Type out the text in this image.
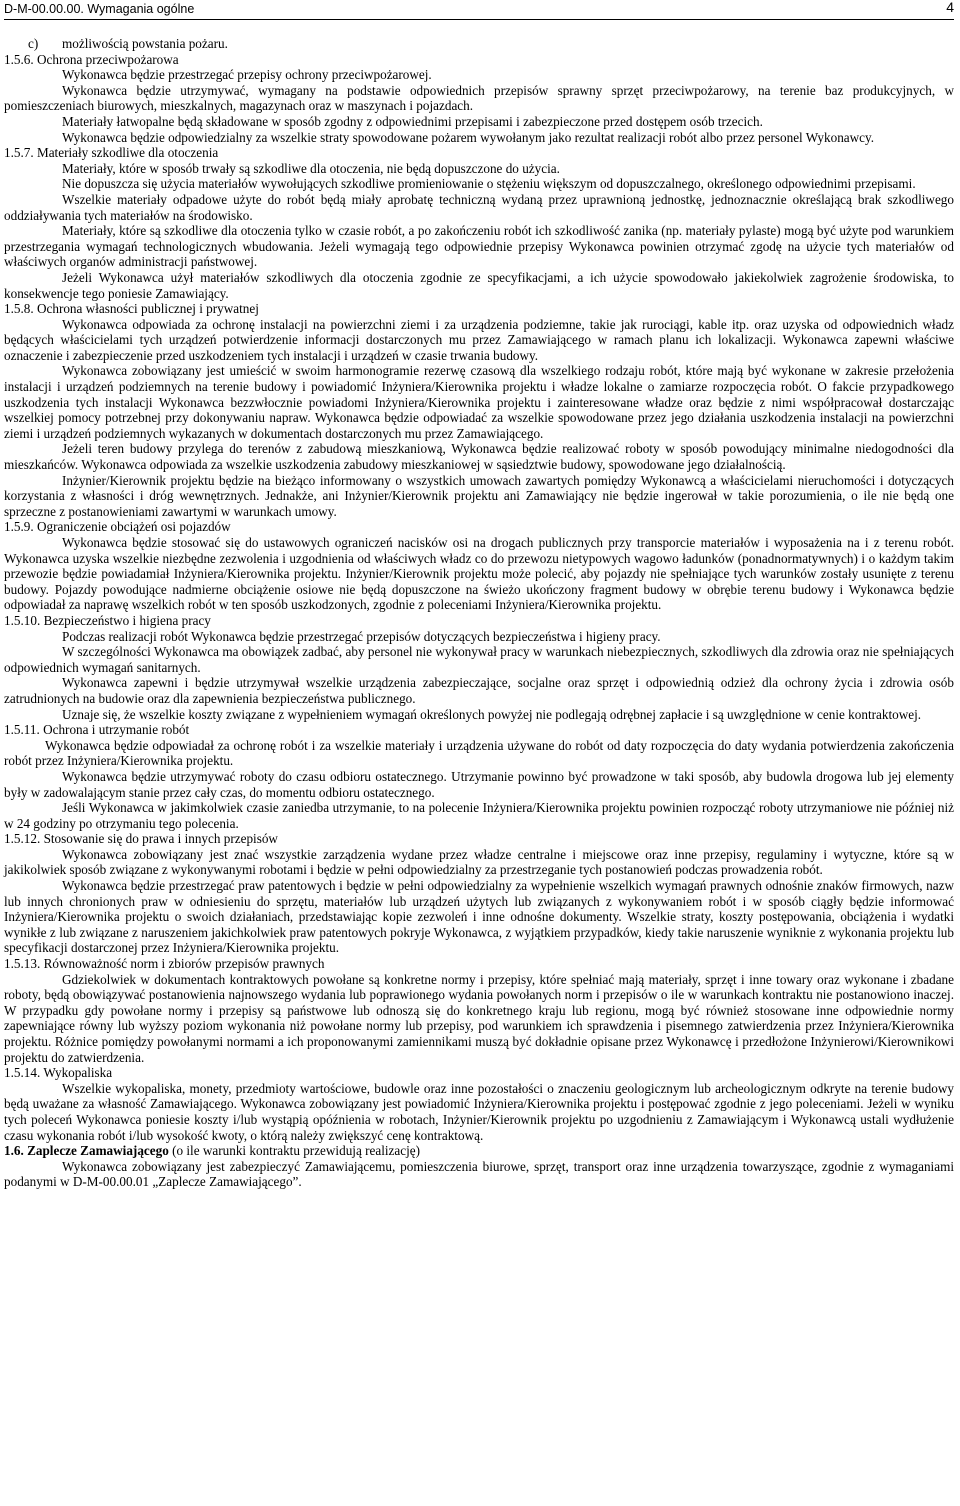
D-M-00.00.00. Wymagania ogólne	4

c) możliwością powstania pożaru.

1.5.6. Ochrona przeciwpożarowa

Wykonawca będzie przestrzegać przepisy ochrony przeciwpożarowej.

Wykonawca będzie utrzymywać, wymagany na podstawie odpowiednich przepisów sprawny sprzęt przeciwpożarowy, na terenie baz produkcyjnych, w pomieszczeniach biurowych, mieszkalnych, magazynach oraz w maszynach i pojazdach.

Materiały łatwopalne będą składowane w sposób zgodny z odpowiednimi przepisami i zabezpieczone przed dostępem osób trzecich.

Wykonawca będzie odpowiedzialny za wszelkie straty spowodowane pożarem wywołanym jako rezultat realizacji robót albo przez personel Wykonawcy.

1.5.7. Materiały szkodliwe dla otoczenia

Materiały, które w sposób trwały są szkodliwe dla otoczenia, nie będą dopuszczone do użycia.

Nie dopuszcza się użycia materiałów wywołujących szkodliwe promieniowanie o stężeniu większym od dopuszczalnego, określonego odpowiednimi przepisami.

Wszelkie materiały odpadowe użyte do robót będą miały aprobatę techniczną wydaną przez uprawnioną jednostkę, jednoznacznie określającą brak szkodliwego oddziaływania tych materiałów na środowisko.

Materiały, które są szkodliwe dla otoczenia tylko w czasie robót, a po zakończeniu robót ich szkodliwość zanika (np. materiały pylaste) mogą być użyte pod warunkiem przestrzegania wymagań technologicznych wbudowania. Jeżeli wymagają tego odpowiednie przepisy Wykonawca powinien otrzymać zgodę na użycie tych materiałów od właściwych organów administracji państwowej.

Jeżeli Wykonawca użył materiałów szkodliwych dla otoczenia zgodnie ze specyfikacjami, a ich użycie spowodowało jakiekolwiek zagrożenie środowiska, to konsekwencje tego poniesie Zamawiający.

1.5.8. Ochrona własności publicznej i prywatnej

Wykonawca odpowiada za ochronę instalacji na powierzchni ziemi i za urządzenia podziemne, takie jak rurociągi, kable itp. oraz uzyska od odpowiednich władz będących właścicielami tych urządzeń potwierdzenie informacji dostarczonych mu przez Zamawiającego w ramach planu ich lokalizacji. Wykonawca zapewni właściwe oznaczenie i zabezpieczenie przed uszkodzeniem tych instalacji i urządzeń w czasie trwania budowy.

Wykonawca zobowiązany jest umieścić w swoim harmonogramie rezerwę czasową dla wszelkiego rodzaju robót, które mają być wykonane w zakresie przełożenia instalacji i urządzeń podziemnych na terenie budowy i powiadomić Inżyniera/Kierownika projektu i władze lokalne o zamiarze rozpoczęcia robót. O fakcie przypadkowego uszkodzenia tych instalacji Wykonawca bezzwłocznie powiadomi Inżyniera/Kierownika projektu i zainteresowane władze oraz będzie z nimi współpracował dostarczając wszelkiej pomocy potrzebnej przy dokonywaniu napraw. Wykonawca będzie odpowiadać za wszelkie spowodowane przez jego działania uszkodzenia instalacji na powierzchni ziemi i urządzeń podziemnych wykazanych w dokumentach dostarczonych mu przez Zamawiającego.

Jeżeli teren budowy przylega do terenów z zabudową mieszkaniową, Wykonawca będzie realizować roboty w sposób powodujący minimalne niedogodności dla mieszkańców. Wykonawca odpowiada za wszelkie uszkodzenia zabudowy mieszkaniowej w sąsiedztwie budowy, spowodowane jego działalnością.

Inżynier/Kierownik projektu będzie na bieżąco informowany o wszystkich umowach zawartych pomiędzy Wykonawcą a właścicielami nieruchomości i dotyczących korzystania z własności i dróg wewnętrznych. Jednakże, ani Inżynier/Kierownik projektu ani Zamawiający nie będzie ingerował w takie porozumienia, o ile nie będą one sprzeczne z postanowieniami zawartymi w warunkach umowy.

1.5.9. Ograniczenie obciążeń osi pojazdów

Wykonawca będzie stosować się do ustawowych ograniczeń nacisków osi na drogach publicznych przy transporcie materiałów i wyposażenia na i z terenu robót. Wykonawca uzyska wszelkie niezbędne zezwolenia i uzgodnienia od właściwych władz co do przewozu nietypowych wagowo ładunków (ponadnormatywnych) i o każdym takim przewozie będzie powiadamiał Inżyniera/Kierownika projektu. Inżynier/Kierownik projektu może polecić, aby pojazdy nie spełniające tych warunków zostały usunięte z terenu budowy. Pojazdy powodujące nadmierne obciążenie osiowe nie będą dopuszczone na świeżo ukończony fragment budowy w obrębie terenu budowy i Wykonawca będzie odpowiadał za naprawę wszelkich robót w ten sposób uszkodzonych, zgodnie z poleceniami Inżyniera/Kierownika projektu.

1.5.10. Bezpieczeństwo i higiena pracy

Podczas realizacji robót Wykonawca będzie przestrzegać przepisów dotyczących bezpieczeństwa i higieny pracy.

W szczególności Wykonawca ma obowiązek zadbać, aby personel nie wykonywał pracy w warunkach niebezpiecznych, szkodliwych dla zdrowia oraz nie spełniających odpowiednich wymagań sanitarnych.

Wykonawca zapewni i będzie utrzymywał wszelkie urządzenia zabezpieczające, socjalne oraz sprzęt i odpowiednią odzież dla ochrony życia i zdrowia osób zatrudnionych na budowie oraz dla zapewnienia bezpieczeństwa publicznego.

Uznaje się, że wszelkie koszty związane z wypełnieniem wymagań określonych powyżej nie podlegają odrębnej zapłacie i są uwzględnione w cenie kontraktowej.

1.5.11. Ochrona i utrzymanie robót

Wykonawca będzie odpowiadał za ochronę robót i za wszelkie materiały i urządzenia używane do robót od daty rozpoczęcia do daty wydania potwierdzenia zakończenia robót przez Inżyniera/Kierownika projektu.

Wykonawca będzie utrzymywać roboty do czasu odbioru ostatecznego. Utrzymanie powinno być prowadzone w taki sposób, aby budowla drogowa lub jej elementy były w zadowalającym stanie przez cały czas, do momentu odbioru ostatecznego.

Jeśli Wykonawca w jakimkolwiek czasie zaniedba utrzymanie, to na polecenie Inżyniera/Kierownika projektu powinien rozpocząć roboty utrzymaniowe nie później niż w 24 godziny po otrzymaniu tego polecenia.

1.5.12. Stosowanie się do prawa i innych przepisów

Wykonawca zobowiązany jest znać wszystkie zarządzenia wydane przez władze centralne i miejscowe oraz inne przepisy, regulaminy i wytyczne, które są w jakikolwiek sposób związane z wykonywanymi robotami i będzie w pełni odpowiedzialny za przestrzeganie tych postanowień podczas prowadzenia robót.

Wykonawca będzie przestrzegać praw patentowych i będzie w pełni odpowiedzialny za wypełnienie wszelkich wymagań prawnych odnośnie znaków firmowych, nazw lub innych chronionych praw w odniesieniu do sprzętu, materiałów lub urządzeń użytych lub związanych z wykonywaniem robót i w sposób ciągły będzie informować Inżyniera/Kierownika projektu o swoich działaniach, przedstawiając kopie zezwoleń i inne odnośne dokumenty. Wszelkie straty, koszty postępowania, obciążenia i wydatki wynikłe z lub związane z naruszeniem jakichkolwiek praw patentowych pokryje Wykonawca, z wyjątkiem przypadków, kiedy takie naruszenie wyniknie z wykonania projektu lub specyfikacji dostarczonej przez Inżyniera/Kierownika projektu.

1.5.13. Równoważność norm i zbiorów przepisów prawnych

Gdziekolwiek w dokumentach kontraktowych powołane są konkretne normy i przepisy, które spełniać mają materiały, sprzęt i inne towary oraz wykonane i zbadane roboty, będą obowiązywać postanowienia najnowszego wydania lub poprawionego wydania powołanych norm i przepisów o ile w warunkach kontraktu nie postanowiono inaczej. W przypadku gdy powołane normy i przepisy są państwowe lub odnoszą się do konkretnego kraju lub regionu, mogą być również stosowane inne odpowiednie normy zapewniające równy lub wyższy poziom wykonania niż powołane normy lub przepisy, pod warunkiem ich sprawdzenia i pisemnego zatwierdzenia przez Inżyniera/Kierownika projektu. Różnice pomiędzy powołanymi normami a ich proponowanymi zamiennikami muszą być dokładnie opisane przez Wykonawcę i przedłożone Inżynierowi/Kierownikowi projektu do zatwierdzenia.

1.5.14. Wykopaliska

Wszelkie wykopaliska, monety, przedmioty wartościowe, budowle oraz inne pozostałości o znaczeniu geologicznym lub archeologicznym odkryte na terenie budowy będą uważane za własność Zamawiającego. Wykonawca zobowiązany jest powiadomić Inżyniera/Kierownika projektu i postępować zgodnie z jego poleceniami. Jeżeli w wyniku tych poleceń Wykonawca poniesie koszty i/lub wystąpią opóźnienia w robotach, Inżynier/Kierownik projektu po uzgodnieniu z Zamawiającym i Wykonawcą ustali wydłużenie czasu wykonania robót i/lub wysokość kwoty, o którą należy zwiększyć cenę kontraktową.

1.6. Zaplecze Zamawiającego (o ile warunki kontraktu przewidują realizację)

Wykonawca zobowiązany jest zabezpieczyć Zamawiającemu, pomieszczenia biurowe, sprzęt, transport oraz inne urządzenia towarzyszące, zgodnie z wymaganiami podanymi w D-M-00.00.01 „Zaplecze Zamawiającego”.
